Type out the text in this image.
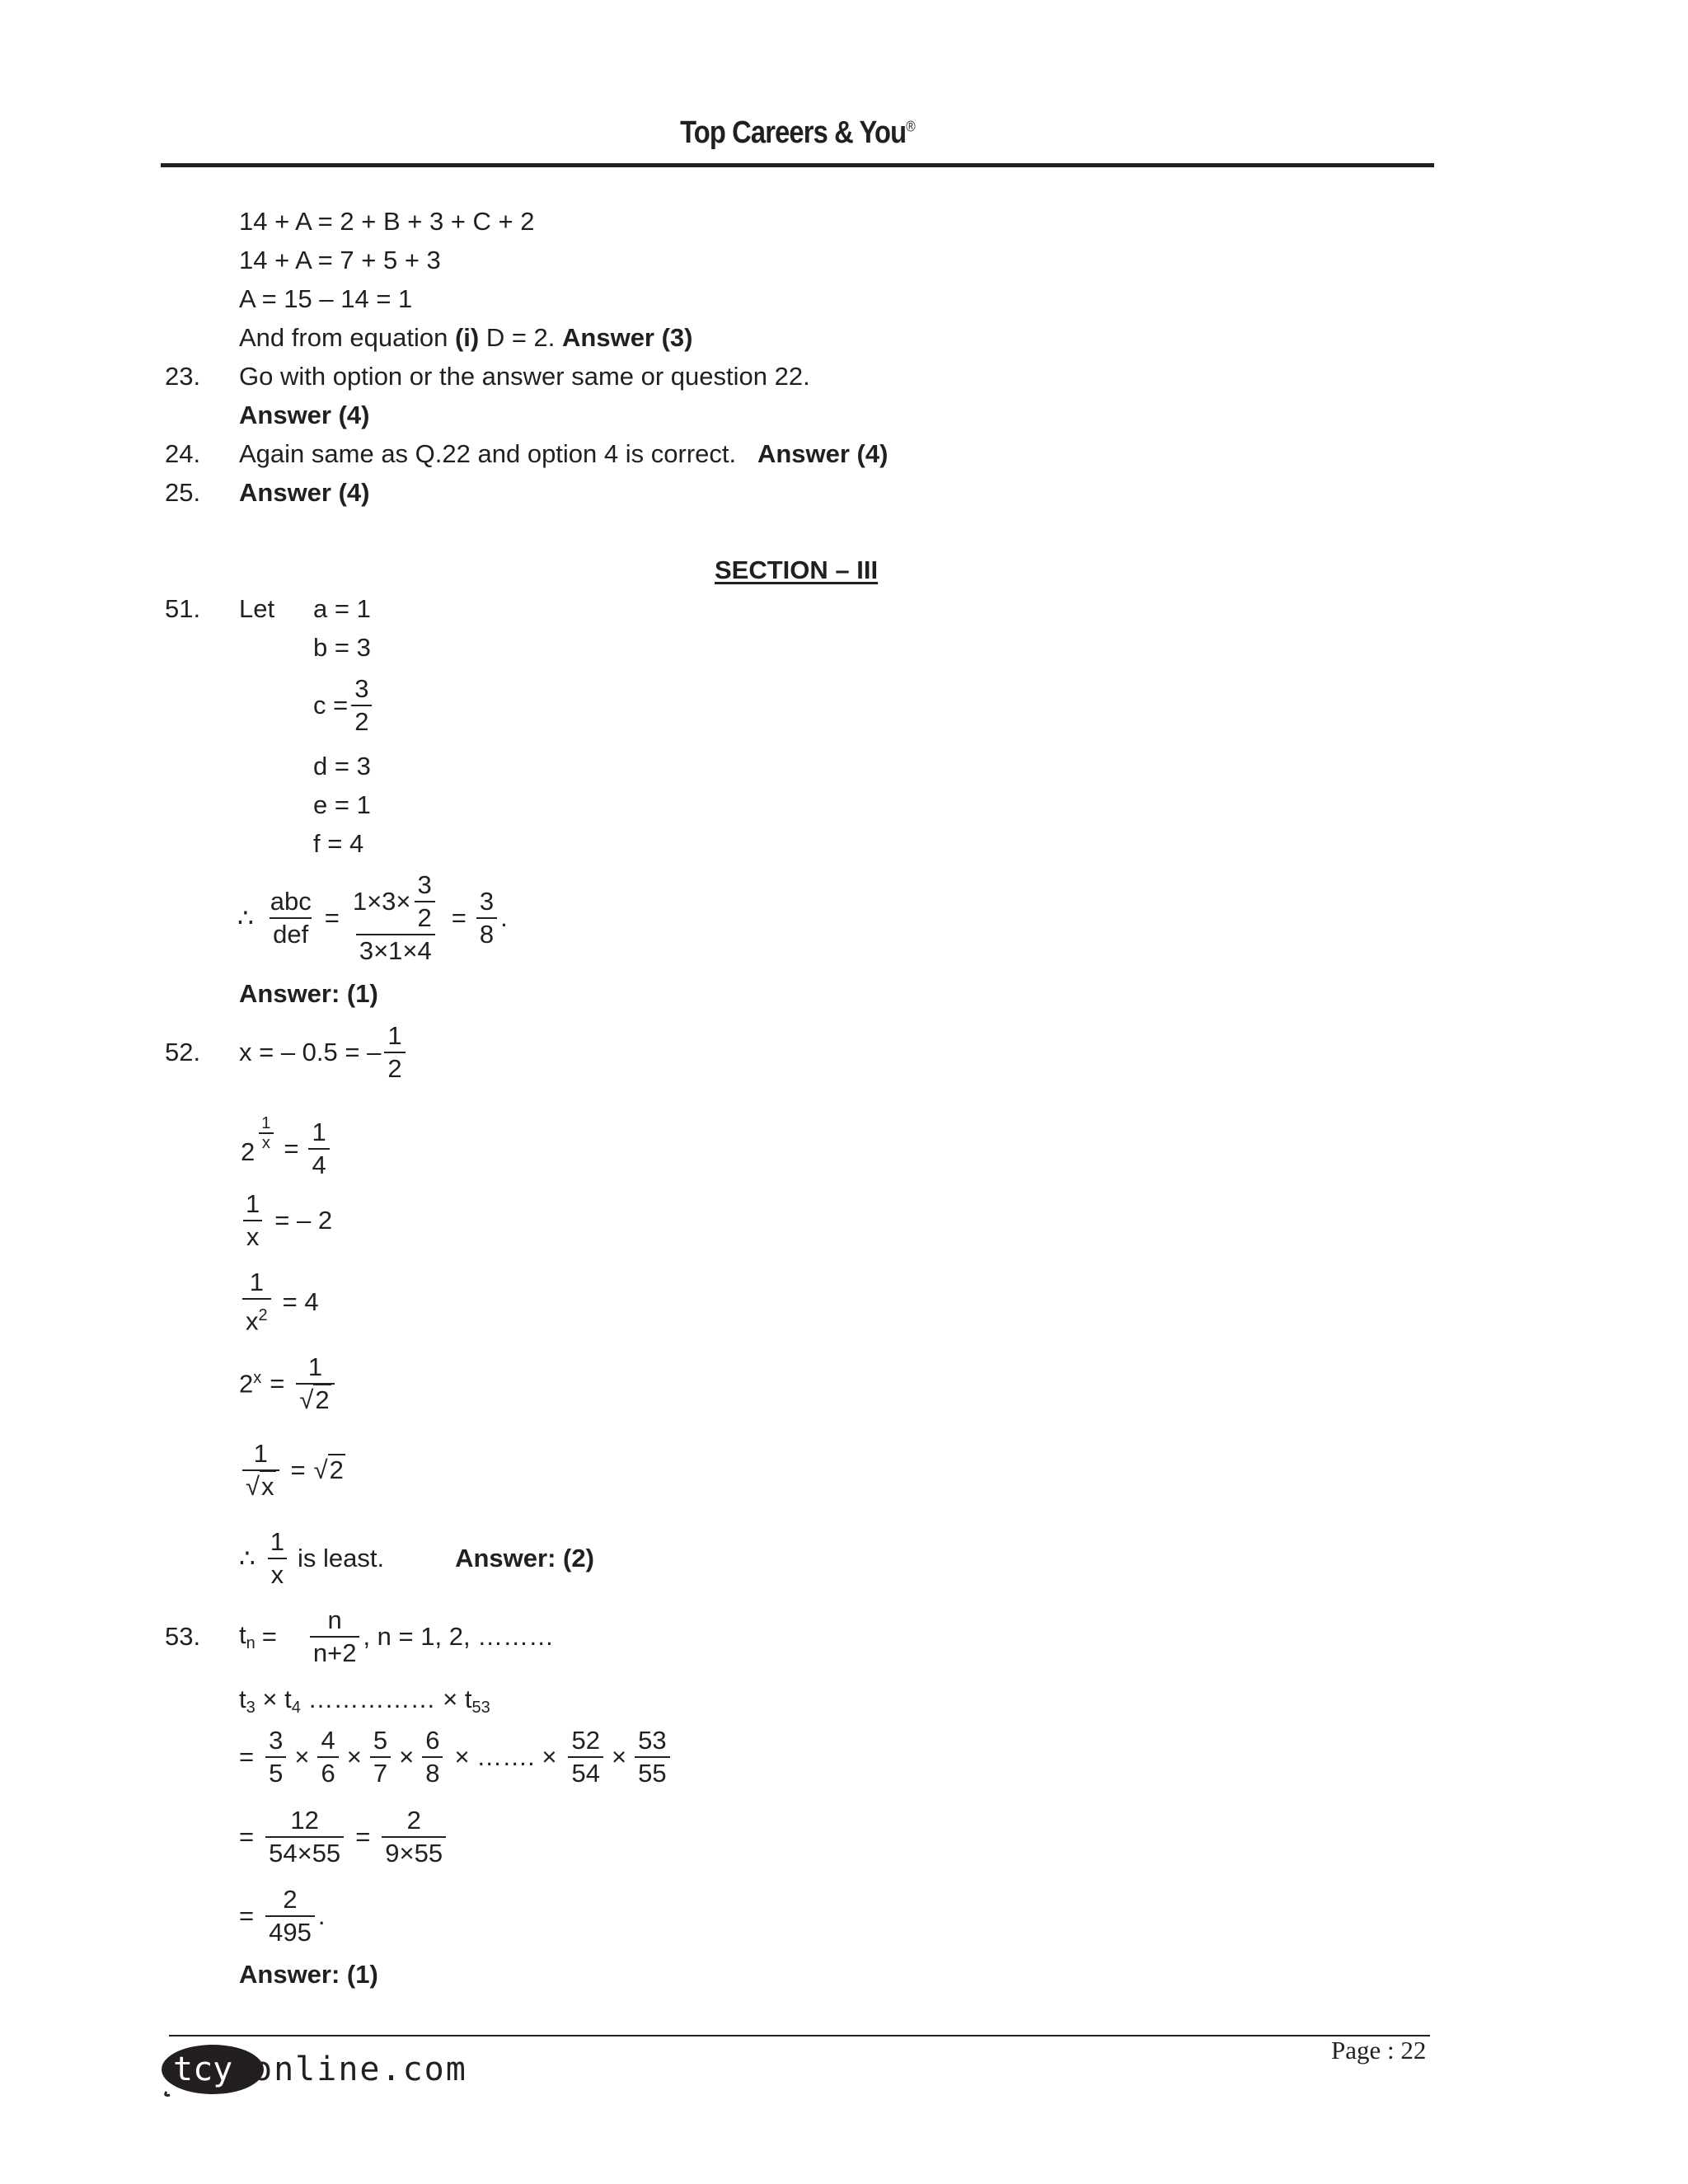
Top Careers & You®
14 + A = 2 + B + 3 + C + 2
14 + A = 7 + 5 + 3
A = 15 – 14 = 1
And from equation (i) D = 2. Answer (3)
23. Go with option or the answer same or question 22.
Answer (4)
24. Again same as Q.22 and option 4 is correct. Answer (4)
25. Answer (4)
SECTION – III
51. Let a = 1
b = 3
$c = \frac{3}{2}$
d = 3
e = 1
f = 4
∴ $\frac{\text{abc}}{\text{def}} = \frac{1\times 3\times \frac{3}{2}}{3\times 1\times 4} = \frac{3}{8}$ .
Answer: (1)
52. x = – 0.5 = – $\frac{1}{2}$
$2 \frac{1}{x} = \frac{1}{4}$
$\frac{1}{x}$ = – 2
$\frac{1}{x^2} = 4$
$2^x = \frac{1}{√2}$
$\frac{1}{√x} = √2$
∴ $\frac{1}{x}$ is least.	Answer: (2)
53. $t_n = \frac{n}{n+2}$ , n = 1, 2, ………
$t_3 \times t_4$ …………… × $t_{53}$
= $\frac{3}{5} \times \frac{4}{6} \times \frac{5}{7} \times \frac{6}{8}$ × ……. × $\frac{52}{54} \times \frac{53}{55}$
= $\frac{12}{54\times 55} = \frac{2}{9\times 55}$
= $\frac{2}{495}$ .
Answer: (1)
tcy online.com
Page : 22
